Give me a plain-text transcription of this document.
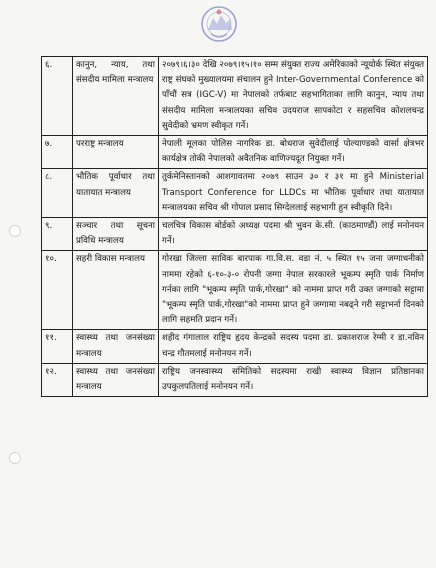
६.	कानुन, न्याय, तथा संसदीय मामिला मन्त्रालय	२०७९।६।३० देखि २०७९।१५।१० सम्म संयुक्त राज्य अमेरिकाको न्यूयोर्क स्थित संयुक्त राष्ट्र संघको मुख्यालयमा संचालन हुने Inter-Governmental Conference को पाँचौं सत्र (IGC-V) मा नेपालको तर्फबाट सहभागिताका लागि कानुन, न्याय तथा संसदीय मामिला मन्त्रालयका सचिव उदयराज सापकोटा र सहसचिव कोशलचन्द्र सुवेदीको भ्रमण स्वीकृत गर्ने।
७.	परराष्ट्र मन्त्रालय	नेपाली मूलका पोलिस नागरिक डा. बोधराज सुवेदीलाई पोल्याण्डको वार्सा क्षेत्रभर कार्यक्षेत्र तोकी नेपालको अवैतनिक वाणिज्यदूत नियुक्त गर्ने।
८.	भौतिक पूर्वाधार तथा यातायात मन्त्रालय	तुर्कमेनिस्तानको आशगावतमा २०७९ साउन ३० र ३१ मा हुने Ministerial Transport Conference for LLDCs मा भौतिक पूर्वाधार तथा यातायात मन्त्रालयका सचिव श्री गोपाल प्रसाद सिग्देललाई सहभागी हुन स्वीकृति दिने।
९.	सञ्चार तथा सूचना प्रविधि मन्त्रालय	चलचित्र विकास बोर्डको अध्यक्ष पदमा श्री भुवन के.सी. (काठमाण्डौं) लाई मनोनयन गर्ने।
१०.	सहरी विकास मन्त्रालय	गोरखा जिल्ला साविक बारपाक गा.वि.स. वडा नं. ५ स्थित १५ जना जग्गाधनीको नाममा रहेको ६-१०-३-० रोपनी जग्गा नेपाल सरकारले भूकम्प स्मृति पार्क निर्माण गर्नका लागि "भूकम्प स्मृति पार्क,गोरखा" को नाममा प्राप्त गरी उक्त जग्गाको सट्टामा "भूकम्प स्मृति पार्क,गोरखा"को नाममा प्राप्त हुने जग्गामा नबढ्ने गरी सट्टाभर्ना दिनको लागि सहमति प्रदान गर्ने।
११.	स्वास्थ्य तथा जनसंख्या मन्त्रालय	शहीद गंगालाल राष्ट्रिय हृदय केन्द्रको सदस्य पदमा डा. प्रकाशराज रेग्मी र डा.नविन चन्द्र गौतमलाई मनोनयन गर्ने।
१२.	स्वास्थ्य तथा जनसंख्या मन्त्रालय	राष्ट्रिय जनस्वास्थ्य समितिको सदस्यमा राखी स्वास्थ्य विज्ञान प्रतिष्ठानका उपकुलपतिलाई मनोनयन गर्ने।
